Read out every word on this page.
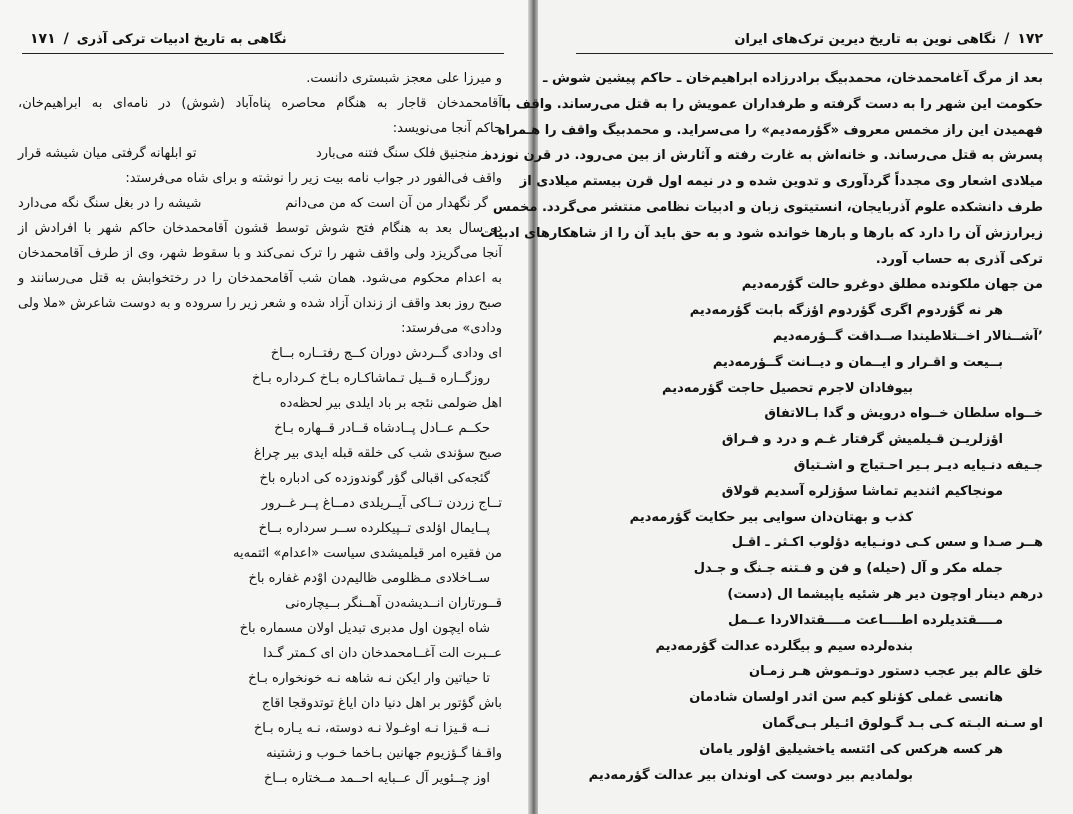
۱۷۱ / نگاهی به تاریخ ادبیات ترکی آذری
و میرزا علی معجز شبستری دانست.
آقامحمدخان قاجار به هنگام محاصره پناه‌آباد (شوش) در نامه‌ای به ابراهیم‌خان،
حاکم آنجا می‌نویسد:
ز منجنیق فلک سنگ فتنه می‌بارد
تو ابلهانه گرفتی میان شیشه قرار
واقف فی‌الفور در جواب نامه بیت زیر را نوشته و برای شاه می‌فرستد:
گر نگهدار من آن است که من می‌دانم
شیشه را در بغل سنگ نگه می‌دارد
دو سال بعد به هنگام فتح شوش توسط قشون آقامحمدخان حاکم شهر با افرادش از
آنجا می‌گریزد ولی واقف شهر را ترک نمی‌کند و با سقوط شهر، وی از طرف آقامحمدخان
به اعدام محکوم می‌شود. همان شب آقامحمدخان را در رختخوابش به قتل می‌رسانند و
صبح روز بعد واقف از زندان آزاد شده و شعر زیر را سروده و به دوست شاعرش «ملا ولی
ودادی» می‌فرستد:
ای ودادی گــردش دوران کــج رفتــاره بــاخ
روزگــاره قــیل تـماشاکـاره بـاخ کـرداره بـاخ
اهل ضولمی نئجه بر باد ایلدی بیر لحظه‌ده
حکــم عــادل پــادشاه قــادر قــهاره بـاخ
صبح سؤندی شب کی خلقه قبله ایدی بیر چراغ
گئجه‌کی اقبالی گؤر گوندوزده کی ادباره باخ
تــاج زردن تــاکی آیــریلدی دمــاغ پــر غــرور
پــایمال اؤلدی تــپیکلرده ســر سرداره بــاخ
من فقیره امر قیلمیشدی سیاست «اعدام» ائتمه‌یه
ســاخلادی مـظلومی ظالیم‌دن اوْدم غفاره باخ
قــورتاران انــدیشه‌دن آهــنگر بــیچاره‌نی
شاه ایچون اول مدبری تبدیل اولان مسماره باخ
عــبرت الت آغــامحمدخان دان ای کـمتر گـدا
تا حیاتین وار ایکن نـه شاهه نـه خونخواره بـاخ
باش گؤتور بر اهل دنیا دان ایاغ توتدوقجا اقاج
نــه قـیزا نـه اوغـولا نـه دوسته، نـه یـاره بـاخ
واقـفا گـؤزیوم جهانین بـاخما خـوب و زشتینه
اوز چــئویر آل عــبایه احــمد مــختاره بــاخ
۱۷۲
/
نگاهی نوین به تاریخ دیرین ترک‌های ایران
بعد از مرگ آغامحمدخان، محمدبیگ برادرزاده ابراهیم‌خان ـ حاکم پیشین شوش ـ
حکومت این شهر را به دست گرفته و طرفداران عمویش را به قتل می‌رساند. واقف با
فهمیدن این راز مخمس معروف «گؤرمه‌دیم» را می‌سراید. و محمدبیگ واقف را هـمراه
پسرش به قتل می‌رساند. و خانه‌اش به غارت رفته و آثارش از بین می‌رود. در قرن نوزده
میلادی اشعار وی مجدداً گردآوری و تدوین شده و در نیمه اول قرن بیستم میلادی از
طرف دانشکده علوم آذربایجان، انستیتوی زبان و ادبیات نظامی منتشر می‌گردد. مخمس
زیرارزش آن را دارد که بارها و بارها خوانده شود و به حق باید آن را از شاهکارهای ادبیات
ترکی آذری به حساب آورد.
من جهان ملکونده مطلق دوغرو حالت گؤرمه‌دیم
هر نه گؤردوم اگری گؤردوم اؤزگه بابت گؤرمه‌دیم
٬آشــنالار اخــتلاطیندا صــداقت گــؤرمه‌دیم
بــیعت و اقـرار و ایــمان و دیــانت گــؤرمه‌دیم
بیوفادان لاجرم تحصیل حاجت گؤرمه‌دیم
خــواه سلطان خــواه درویش و گدا بـالاتفاق
اؤزلریـن قـیلمیش گرفتار غـم و درد و فـراق
جـیفه دنـیایه دیـر بـیر احـتیاج و اشـتیاق
مونجاکیم اثندیم تماشا سؤزلره آسدیم قولاق
کذب و بهتان‌دان سوایی بیر حکایت گؤرمه‌دیم
هــر صـدا و سس کـی دونـیایه دؤلوب اکـثر ـ اقـل
جمله مکر و آل (حیله) و فن و فـتنه جـنگ و جـدل
درهم دینار اوچون دیر هر شئیه یاپیشما ال (دست)
مــــقتدیلرده اطــــاعت مــــقتدالاردا عــمل
بنده‌لرده سیم و بیگلرده عدالت گؤرمه‌دیم
خلق عالم بیر عجب دستور دوتـموش هـر زمـان
هانسی غملی کؤنلو کیم سن اثدر اولسان شادمان
او سـنه البـته کـی بـد گـولوق ائـیلر بـی‌گمان
هر کسه هرکس کی ائتسه یاخشیلیق اؤلور یامان
بولمادیم بیر دوست کی اوندان بیر عدالت گؤرمه‌دیم
